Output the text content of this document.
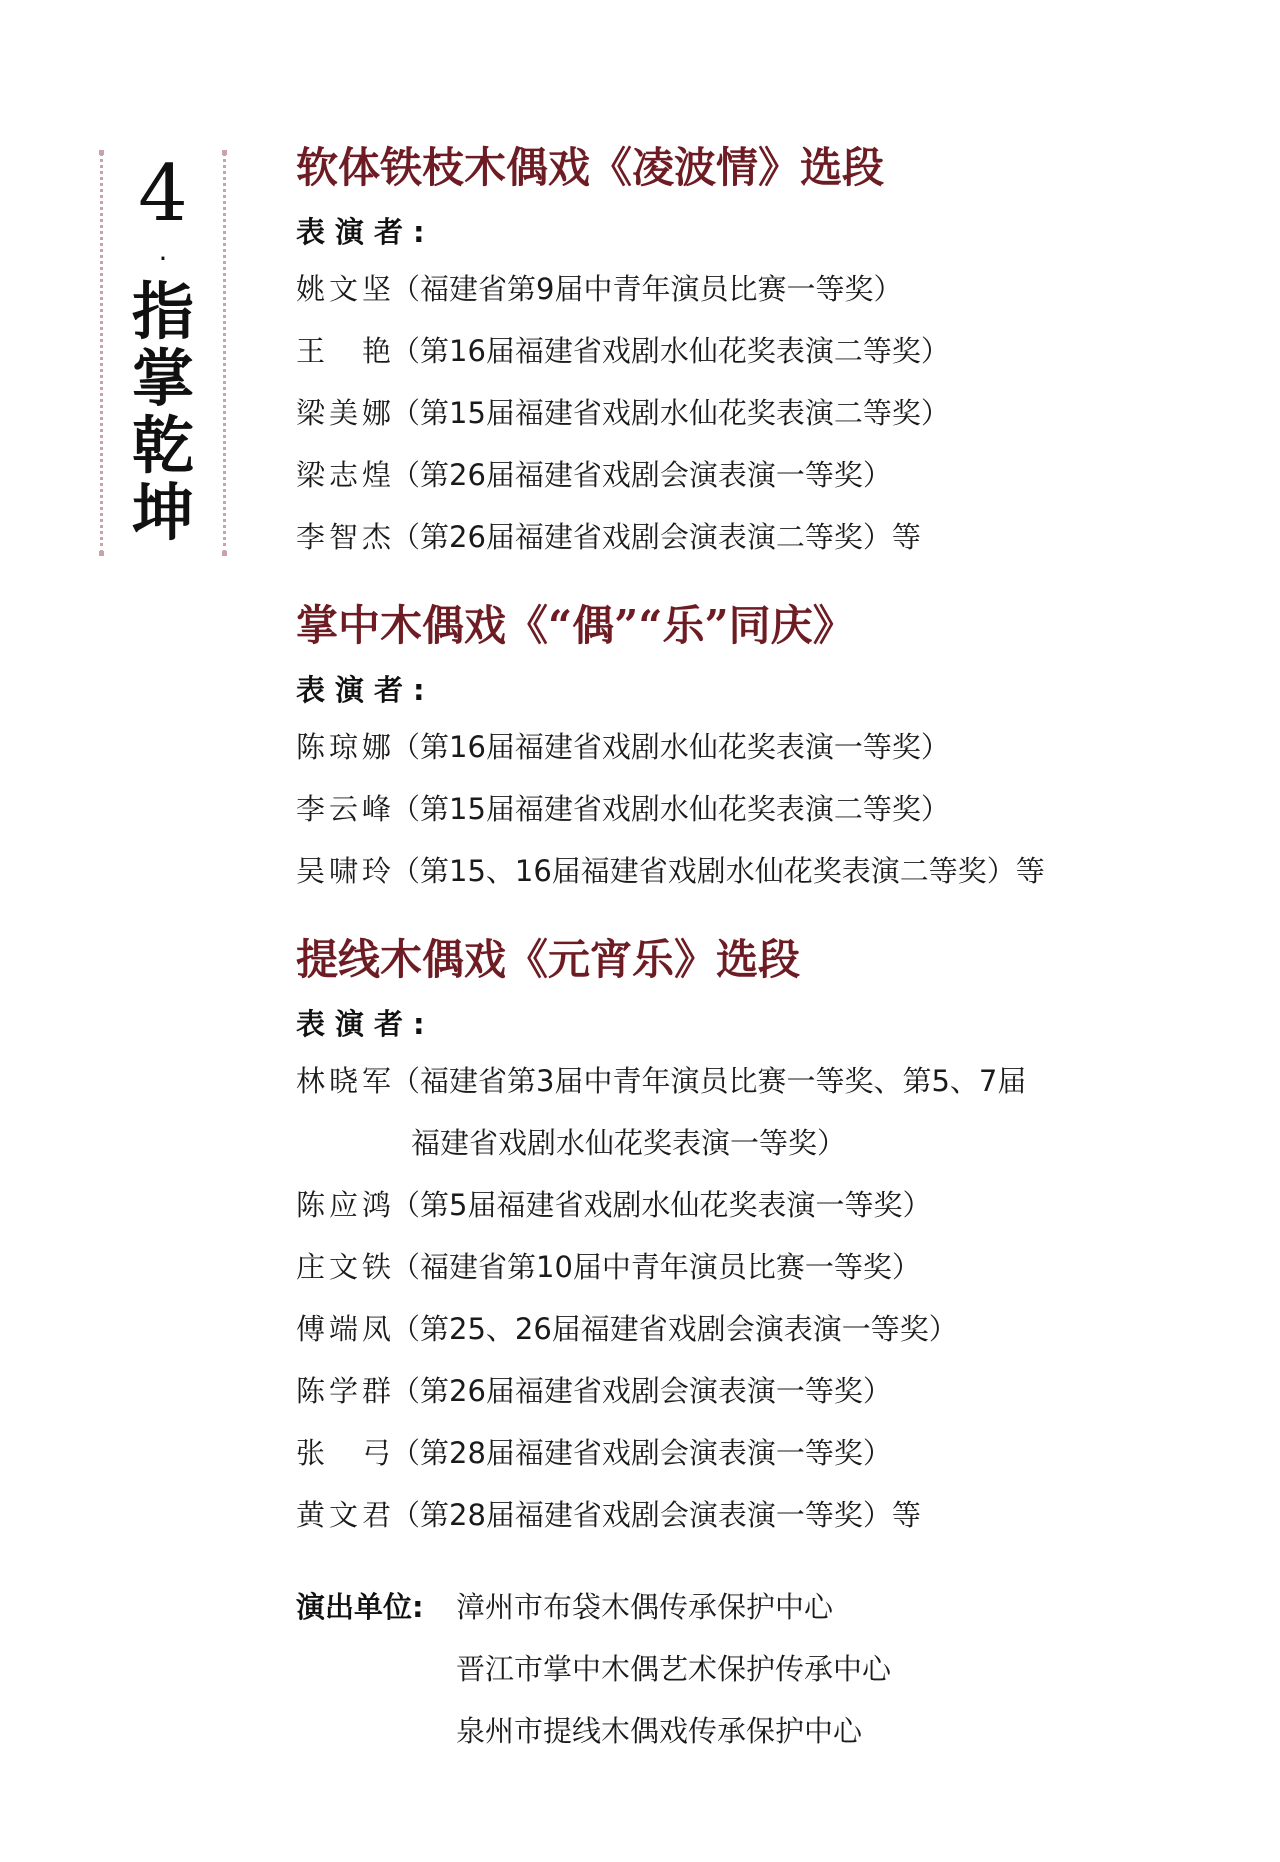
4
·
指
掌
乾
坤
软体铁枝木偶戏《凌波情》选段
表演者:
姚文坚 （福建省第9届中青年演员比赛一等奖）
王艳 （第16届福建省戏剧水仙花奖表演二等奖）
梁美娜 （第15届福建省戏剧水仙花奖表演二等奖）
梁志煌 （第26届福建省戏剧会演表演一等奖）
李智杰 （第26届福建省戏剧会演表演二等奖）等
掌中木偶戏《“偶”“乐”同庆》
表演者:
陈琼娜 （第16届福建省戏剧水仙花奖表演一等奖）
李云峰 （第15届福建省戏剧水仙花奖表演二等奖）
吴啸玲 （第15、16届福建省戏剧水仙花奖表演二等奖）等
提线木偶戏《元宵乐》选段
表演者:
林晓军 （福建省第3届中青年演员比赛一等奖、第5、7届
福建省戏剧水仙花奖表演一等奖）
陈应鸿 （第5届福建省戏剧水仙花奖表演一等奖）
庄文铁 （福建省第10届中青年演员比赛一等奖）
傅端凤 （第25、26届福建省戏剧会演表演一等奖）
陈学群 （第26届福建省戏剧会演表演一等奖）
张弓 （第28届福建省戏剧会演表演一等奖）
黄文君 （第28届福建省戏剧会演表演一等奖）等
演出单位:	漳州市布袋木偶传承保护中心
晋江市掌中木偶艺术保护传承中心
泉州市提线木偶戏传承保护中心
